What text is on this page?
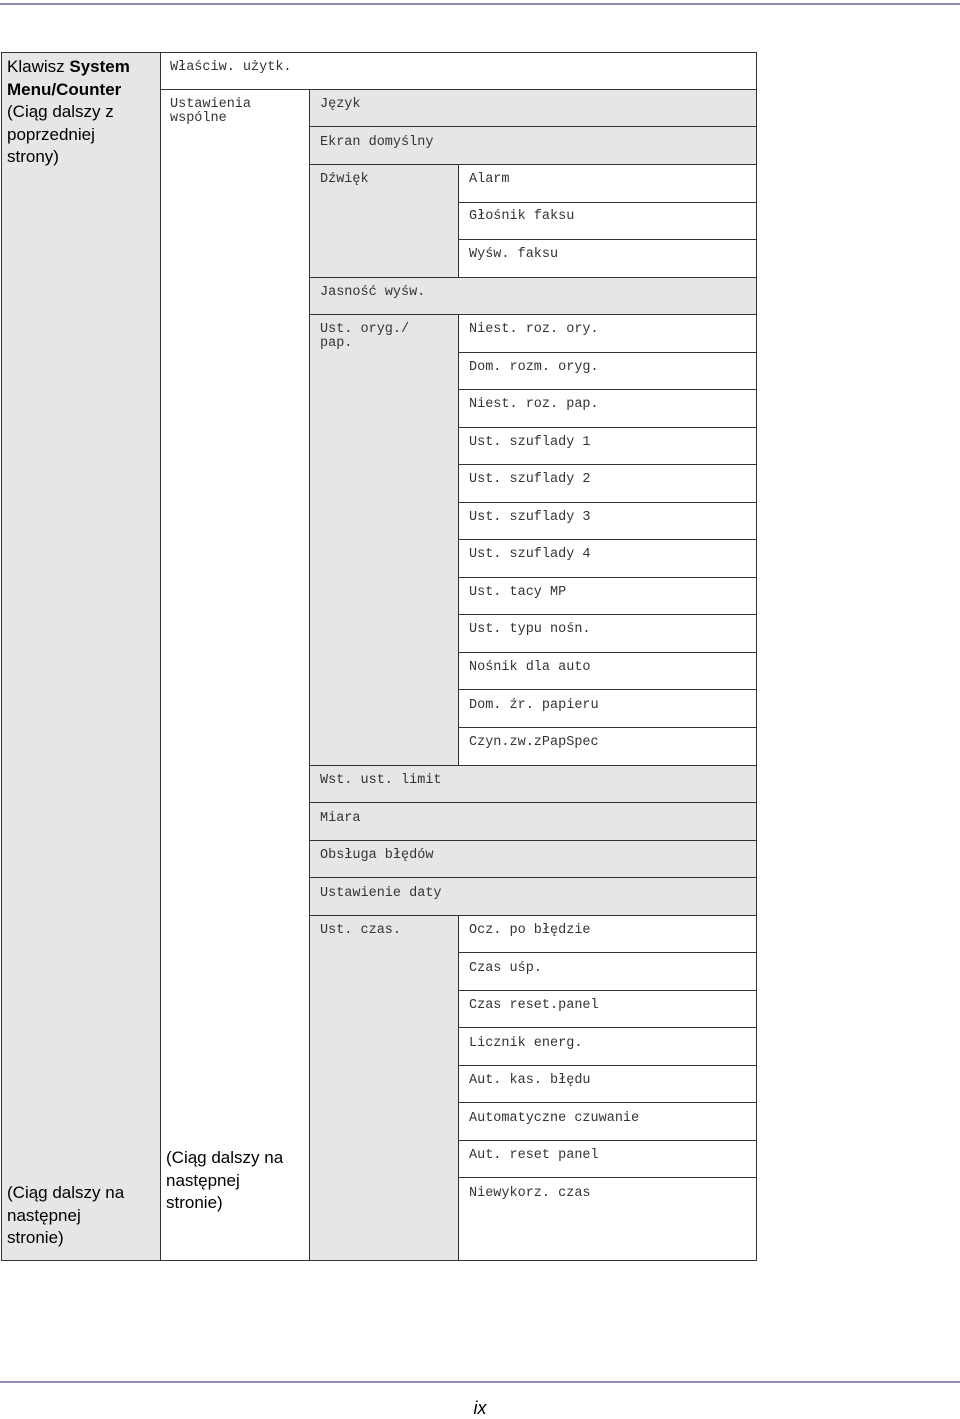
Klawisz System
Menu/Counter
(Ciąg dalszy z
poprzedniej
strony)
(Ciąg dalszy na
następnej
stronie)
Właściw. użytk.
Ustawienia
wspólne
(Ciąg dalszy na
następnej
stronie)
Język
Ekran domyślny
Dźwięk
Jasność wyśw.
Ust. oryg./
pap.
Wst. ust. limit
Miara
Obsługa błędów
Ustawienie daty
Ust. czas.
Alarm
Głośnik faksu
Wyśw. faksu
Niest. roz. ory.
Dom. rozm. oryg.
Niest. roz. pap.
Ust. szuflady 1
Ust. szuflady 2
Ust. szuflady 3
Ust. szuflady 4
Ust. tacy MP
Ust. typu nośn.
Nośnik dla auto
Dom. źr. papieru
Czyn.zw.zPapSpec
Ocz. po błędzie
Czas uśp.
Czas reset.panel
Licznik energ.
Aut. kas. błędu
Automatyczne czuwanie
Aut. reset panel
Niewykorz. czas
ix
